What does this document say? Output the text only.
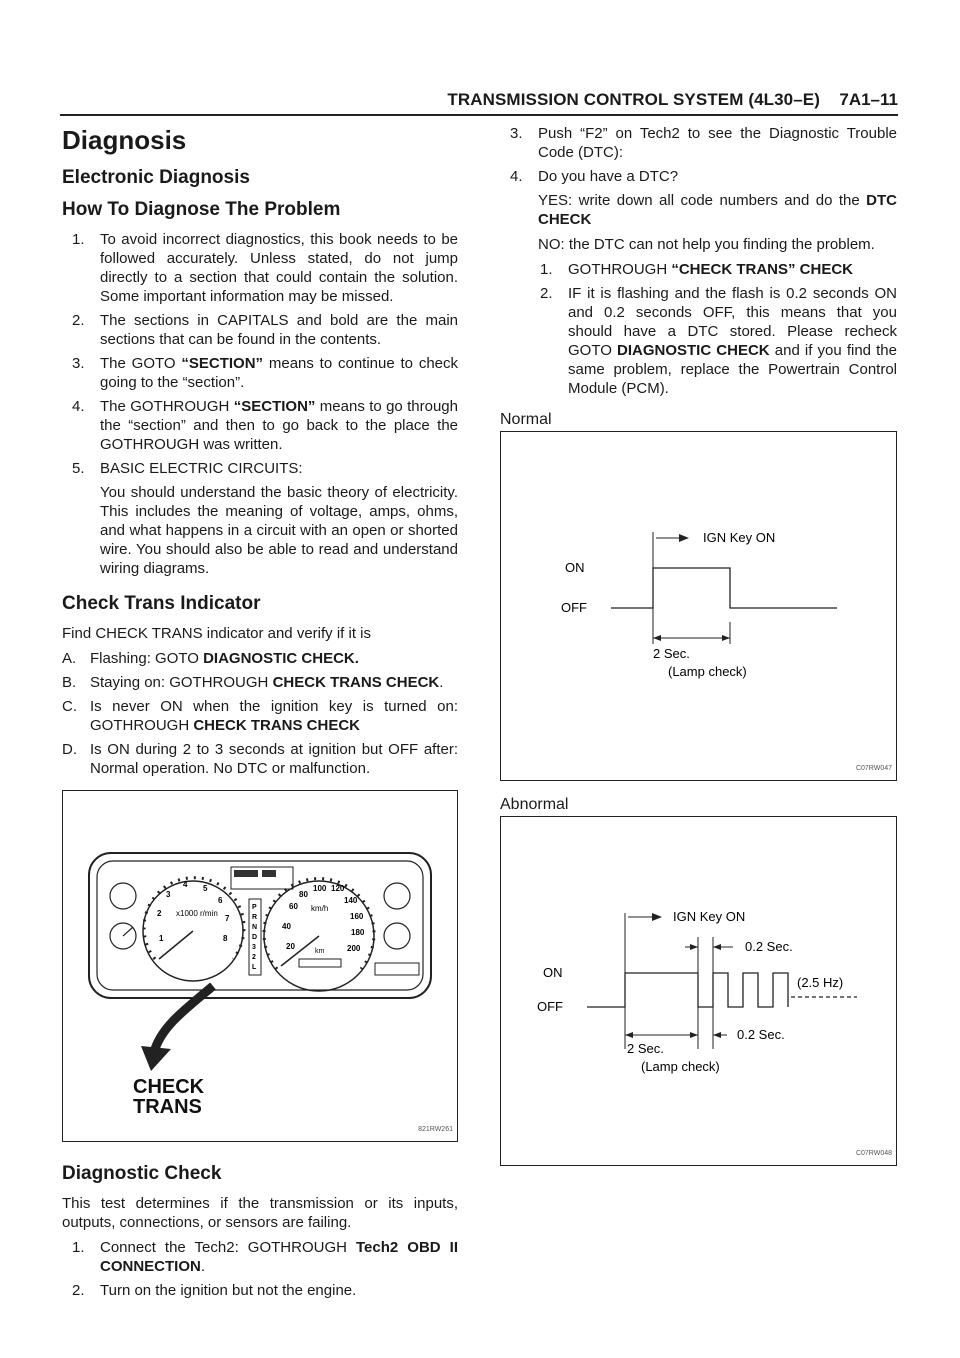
TRANSMISSION CONTROL SYSTEM (4L30–E) 7A1–11
Diagnosis
Electronic Diagnosis
How To Diagnose The Problem
1. To avoid incorrect diagnostics, this book needs to be followed accurately. Unless stated, do not jump directly to a section that could contain the solution. Some important information may be missed.
2. The sections in CAPITALS and bold are the main sections that can be found in the contents.
3. The GOTO “SECTION” means to continue to check going to the “section”.
4. The GOTHROUGH “SECTION” means to go through the “section” and then to go back to the place the GOTHROUGH was written.
5. BASIC ELECTRIC CIRCUITS:
You should understand the basic theory of electricity. This includes the meaning of voltage, amps, ohms, and what happens in a circuit with an open or shorted wire. You should also be able to read and understand wiring diagrams.
Check Trans Indicator

Find CHECK TRANS indicator and verify if it is

A. Flashing: GOTO DIAGNOSTIC CHECK.
B. Staying on: GOTHROUGH CHECK TRANS CHECK.
C. Is never ON when the ignition key is turned on: GOTHROUGH CHECK TRANS CHECK
D. Is ON during 2 to 3 seconds at ignition but OFF after: Normal operation. No DTC or malfunction.
x1000 r/min
1
2
3
4 5
6
7
8
P
R
N
D
3
2
L
km/h
20
40
60
80
100 120
140
160
180
200
km
CHECK
TRANS
821RW261
Diagnostic Check

This test determines if the transmission or its inputs, outputs, connections, or sensors are failing.

1. Connect the Tech2: GOTHROUGH Tech2 OBD II CONNECTION.
2. Turn on the ignition but not the engine.
3. Push “F2” on Tech2 to see the Diagnostic Trouble Code (DTC):
4. Do you have a DTC?
YES: write down all code numbers and do the DTC CHECK
NO: the DTC can not help you finding the problem.
1. GOTHROUGH “CHECK TRANS” CHECK
2. IF it is flashing and the flash is 0.2 seconds ON and 0.2 seconds OFF, this means that you should have a DTC stored. Please recheck GOTO DIAGNOSTIC CHECK and if you find the same problem, replace the Powertrain Control Module (PCM).
Normal
IGN Key ON
ON
OFF
2 Sec.
(Lamp check)
C07RW047
Abnormal
IGN Key ON
0.2 Sec.
ON
OFF
(2.5 Hz)
0.2 Sec.
2 Sec.
(Lamp check)
C07RW048
